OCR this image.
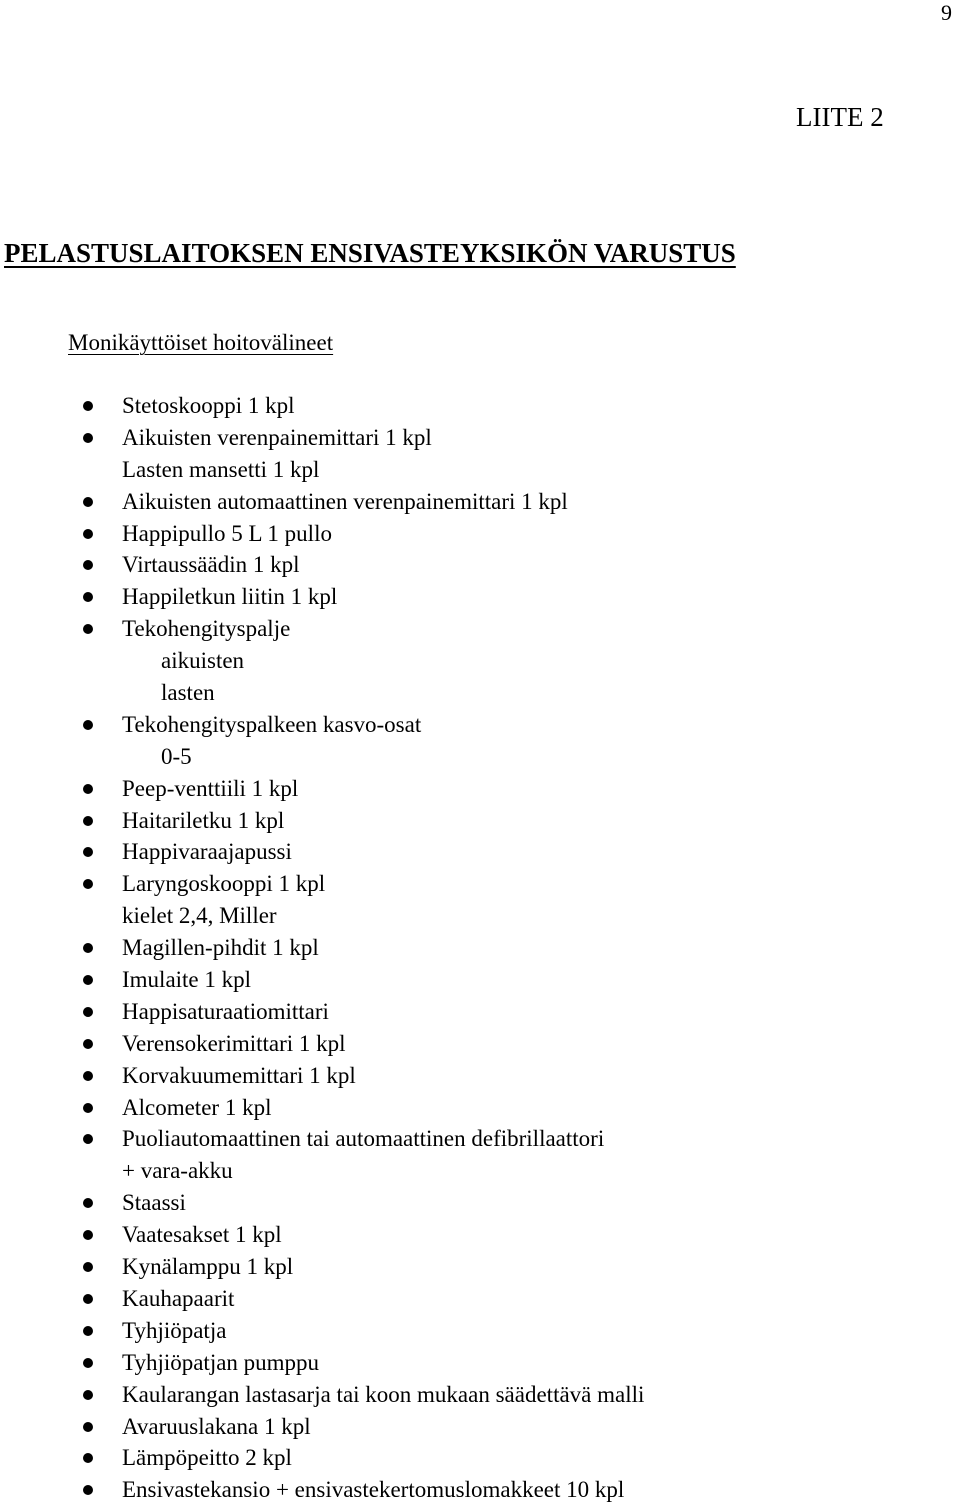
9
LIITE 2
PELASTUSLAITOKSEN ENSIVASTEYKSIKÖN VARUSTUS
Monikäyttöiset hoitovälineet
Stetoskooppi 1 kpl
Aikuisten verenpainemittari 1 kpl
Lasten mansetti 1 kpl
Aikuisten automaattinen verenpainemittari 1 kpl
Happipullo 5 L 1 pullo
Virtaussäädin 1 kpl
Happiletkun liitin 1 kpl
Tekohengityspalje
aikuisten
lasten
Tekohengityspalkeen kasvo-osat
0-5
Peep-venttiili 1 kpl
Haitariletku 1 kpl
Happivaraajapussi
Laryngoskooppi 1 kpl
kielet 2,4, Miller
Magillen-pihdit 1 kpl
Imulaite 1 kpl
Happisaturaatiomittari
Verensokerimittari 1 kpl
Korvakuumemittari 1 kpl
Alcometer 1 kpl
Puoliautomaattinen tai automaattinen defibrillaattori
+ vara-akku
Staassi
Vaatesakset 1 kpl
Kynälamppu 1 kpl
Kauhapaarit
Tyhjiöpatja
Tyhjiöpatjan pumppu
Kaularangan lastasarja tai koon mukaan säädettävä malli
Avaruuslakana 1 kpl
Lämpöpeitto 2 kpl
Ensivastekansio + ensivastekertomuslomakkeet 10 kpl
